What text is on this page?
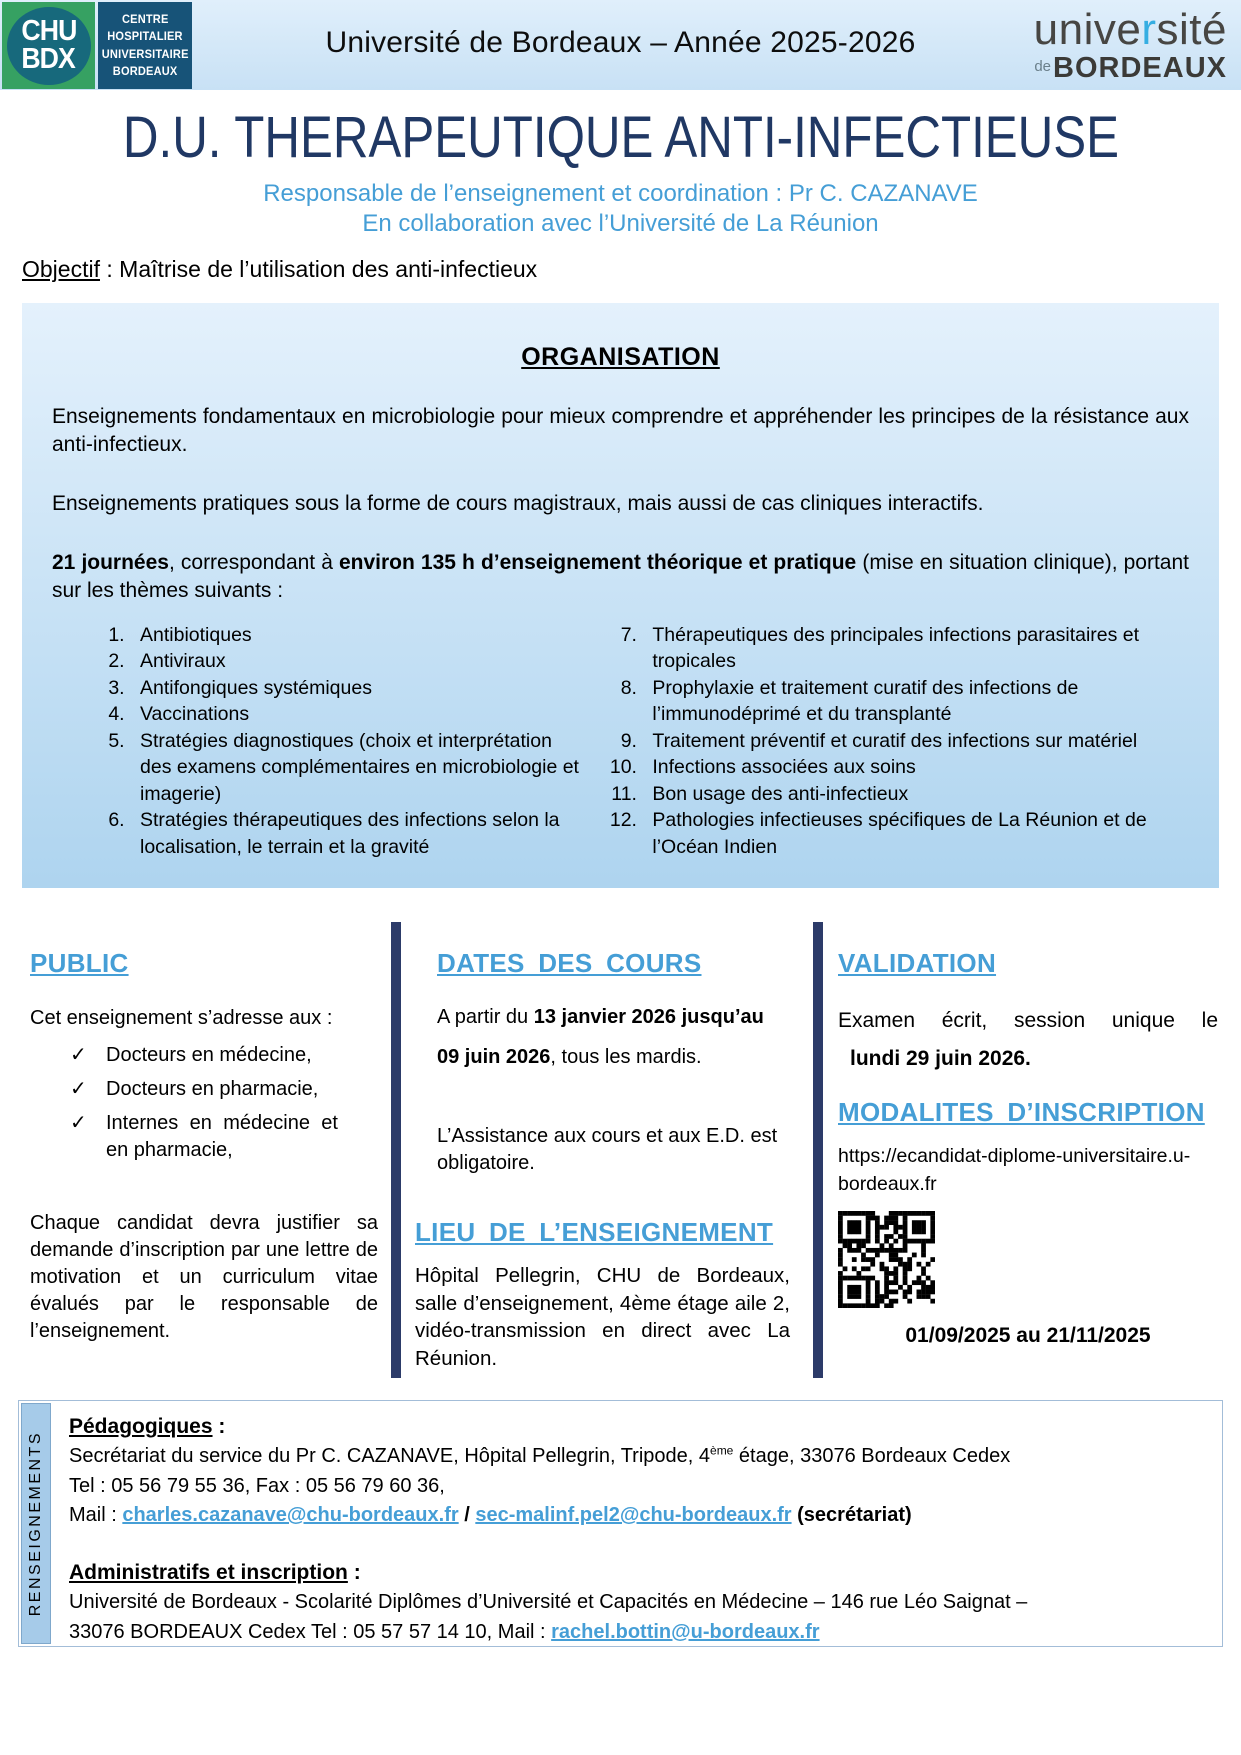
Université de Bordeaux – Année 2025-2026
CHU
BDX
CENTRE
HOSPITALIER
UNIVERSITAIRE
BORDEAUX
université
deBORDEAUX
D.U. THERAPEUTIQUE ANTI-INFECTIEUSE
Responsable de l’enseignement et coordination : Pr C. CAZANAVE
En collaboration avec l’Université de La Réunion
Objectif : Maîtrise de l’utilisation des anti-infectieux
ORGANISATION

Enseignements fondamentaux en microbiologie pour mieux comprendre et appréhender les principes de la résistance aux anti-infectieux.

Enseignements pratiques sous la forme de cours magistraux, mais aussi de cas cliniques interactifs.

21 journées, correspondant à environ 135 h d’enseignement théorique et pratique (mise en situation clinique), portant sur les thèmes suivants :

1. Antibiotiques
2. Antiviraux
3. Antifongiques systémiques
4. Vaccinations
5. Stratégies diagnostiques (choix et interprétation des examens complémentaires en microbiologie et imagerie)
6. Stratégies thérapeutiques des infections selon la localisation, le terrain et la gravité
7. Thérapeutiques des principales infections parasitaires et tropicales
8. Prophylaxie et traitement curatif des infections de l’immunodéprimé et du transplanté
9. Traitement préventif et curatif des infections sur matériel
10. Infections associées aux soins
11. Bon usage des anti-infectieux
12. Pathologies infectieuses spécifiques de La Réunion et de l’Océan Indien
PUBLIC
Cet enseignement s’adresse aux :
✓ Docteurs en médecine,
✓ Docteurs en pharmacie,
✓ Internes en médecine et en pharmacie,

Chaque candidat devra justifier sa demande d’inscription par une lettre de motivation et un curriculum vitae évalués par le responsable de l’enseignement.

DATES DES COURS

A partir du 13 janvier 2026 jusqu’au 09 juin 2026, tous les mardis.

L’Assistance aux cours et aux E.D. est obligatoire.

LIEU DE L’ENSEIGNEMENT

Hôpital Pellegrin, CHU de Bordeaux, salle d’enseignement, 4ème étage aile 2, vidéo-transmission en direct avec La Réunion.

VALIDATION
Examen écrit, session unique le
lundi 29 juin 2026.
MODALITES D’INSCRIPTION
https://ecandidat-diplome-universitaire.u-bordeaux.fr
01/09/2025 au 21/11/2025
RENSEIGNEMENTS
Pédagogiques :
Secrétariat du service du Pr C. CAZANAVE, Hôpital Pellegrin, Tripode, 4ème étage, 33076 Bordeaux Cedex
Tel : 05 56 79 55 36, Fax : 05 56 79 60 36,
Mail : charles.cazanave@chu-bordeaux.fr / sec-malinf.pel2@chu-bordeaux.fr (secrétariat)
Administratifs et inscription :
Université de Bordeaux - Scolarité Diplômes d’Université et Capacités en Médecine – 146 rue Léo Saignat –
33076 BORDEAUX Cedex Tel : 05 57 57 14 10, Mail : rachel.bottin@u-bordeaux.fr
